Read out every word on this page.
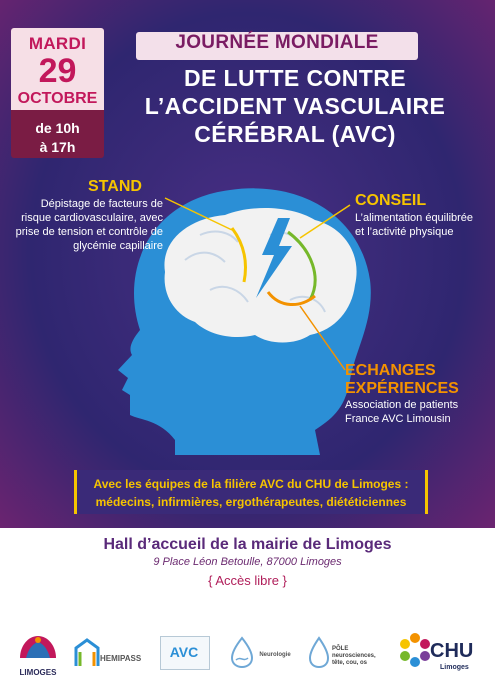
MARDI
29
OCTOBRE
de 10h
à 17h
JOURNÉE MONDIALE
DE LUTTE CONTRE
L’ACCIDENT VASCULAIRE
CÉRÉBRAL (AVC)
STAND
Dépistage de facteurs de
risque cardiovasculaire, avec
prise de tension et contrôle de
glycémie capillaire
CONSEIL
L’alimentation équilibrée
et l’activité physique
ECHANGES
EXPÉRIENCES
Association de patients
France AVC Limousin
Avec les équipes de la filière AVC du CHU de Limoges :
médecins, infirmières, ergothérapeutes, diététiciennes
Hall d’accueil de la mairie de Limoges
9 Place Léon Betoulle, 87000 Limoges
{ Accès libre }
LIMOGES
HEMIPASS	AVC	Neurologie
PÔLE
neurosciences,
tête, cou, os
CHU
Limoges
